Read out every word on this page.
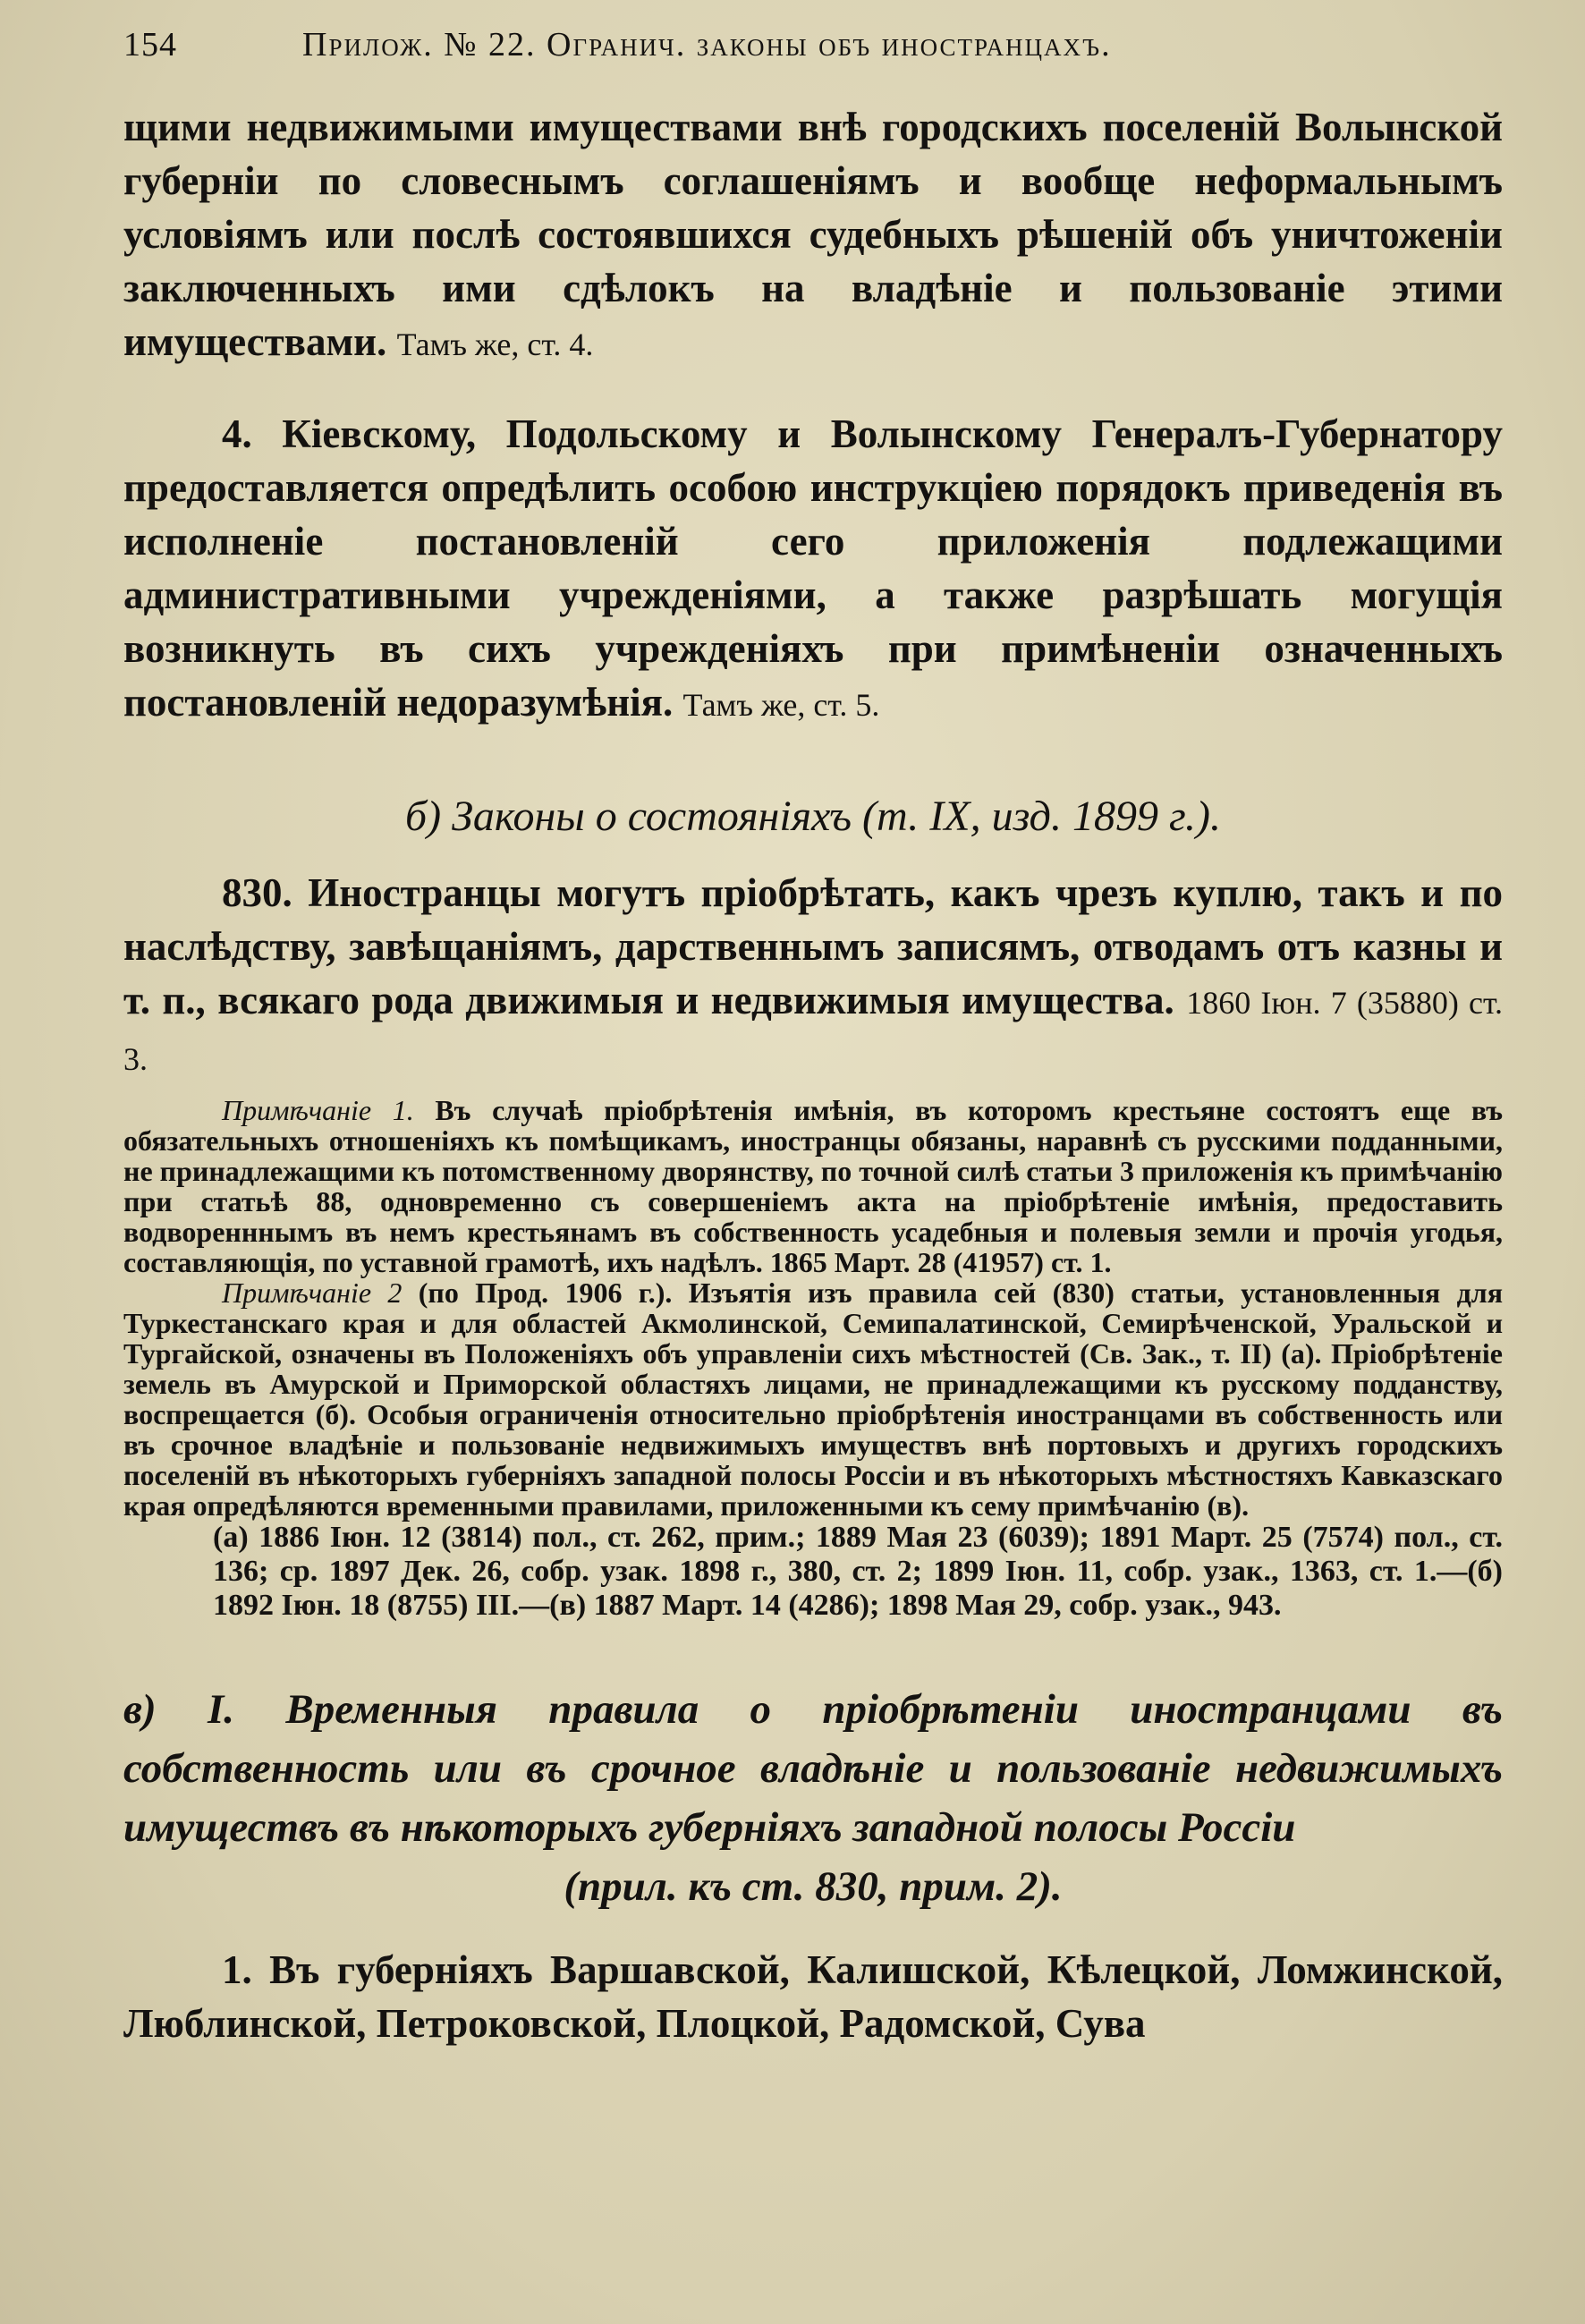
154	Прилож. № 22. Огранич. законы объ иностранцахъ.

щими недвижимыми имуществами внѣ городскихъ поселеній Волынской губерніи по словеснымъ соглашеніямъ и вообще неформальнымъ условіямъ или послѣ состоявшихся судебныхъ рѣшеній объ уничтоженіи заключенныхъ ими сдѣлокъ на владѣніе и пользованіе этими имуществами. Тамъ же, ст. 4.

4. Кіевскому, Подольскому и Волынскому Генералъ-Губернатору предоставляется опредѣлить особою инструкціею порядокъ приведенія въ исполненіе постановленій сего приложенія подлежащими административными учрежденіями, а также разрѣшать могущія возникнуть въ сихъ учрежденіяхъ при примѣненіи означенныхъ постановленій недоразумѣнія. Тамъ же, ст. 5.

б) Законы о состояніяхъ (т. IX, изд. 1899 г.).

830. Иностранцы могутъ пріобрѣтать, какъ чрезъ куплю, такъ и по наслѣдству, завѣщаніямъ, дарственнымъ записямъ, отводамъ отъ казны и т. п., всякаго рода движимыя и недвижимыя имущества. 1860 Іюн. 7 (35880) ст. 3.

Примѣчаніе 1. Въ случаѣ пріобрѣтенія имѣнія, въ которомъ крестьяне состоятъ еще въ обязательныхъ отношеніяхъ къ помѣщикамъ, иностранцы обязаны, наравнѣ съ русскими подданными, не принадлежащими къ потомственному дворянству, по точной силѣ статьи 3 приложенія къ примѣчанію при статьѣ 88, одновременно съ совершеніемъ акта на пріобрѣтеніе имѣнія, предоставить водворенннымъ въ немъ крестьянамъ въ собственность усадебныя и полевыя земли и прочія угодья, составляющія, по уставной грамотѣ, ихъ надѣлъ. 1865 Март. 28 (41957) ст. 1.

Примѣчаніе 2 (по Прод. 1906 г.). Изъятія изъ правила сей (830) статьи, установленныя для Туркестанскаго края и для областей Акмолинской, Семипалатинской, Семирѣченской, Уральской и Тургайской, означены въ Положеніяхъ объ управленіи сихъ мѣстностей (Св. Зак., т. II) (а). Пріобрѣтеніе земель въ Амурской и Приморской областяхъ лицами, не принадлежащими къ русскому подданству, воспрещается (б). Особыя ограниченія относительно пріобрѣтенія иностранцами въ собственность или въ срочное владѣніе и пользованіе недвижимыхъ имуществъ внѣ портовыхъ и другихъ городскихъ поселеній въ нѣкоторыхъ губерніяхъ западной полосы Россіи и въ нѣкоторыхъ мѣстностяхъ Кавказскаго края опредѣляются временными правилами, приложенными къ сему примѣчанію (в).

(а) 1886 Іюн. 12 (3814) пол., ст. 262, прим.; 1889 Мая 23 (6039); 1891 Март. 25 (7574) пол., ст. 136; ср. 1897 Дек. 26, собр. узак. 1898 г., 380, ст. 2; 1899 Іюн. 11, собр. узак., 1363, ст. 1.—(б) 1892 Іюн. 18 (8755) III.—(в) 1887 Март. 14 (4286); 1898 Мая 29, собр. узак., 943.

в) I. Временныя правила о пріобрѣтеніи иностранцами въ собственность или въ срочное владѣніе и пользованіе недвижимыхъ имуществъ въ нѣкоторыхъ губерніяхъ западной полосы Россіи

(прил. къ ст. 830, прим. 2).

1. Въ губерніяхъ Варшавской, Калишской, Кѣлецкой, Ломжинской, Люблинской, Петроковской, Плоцкой, Радомской, Сува
